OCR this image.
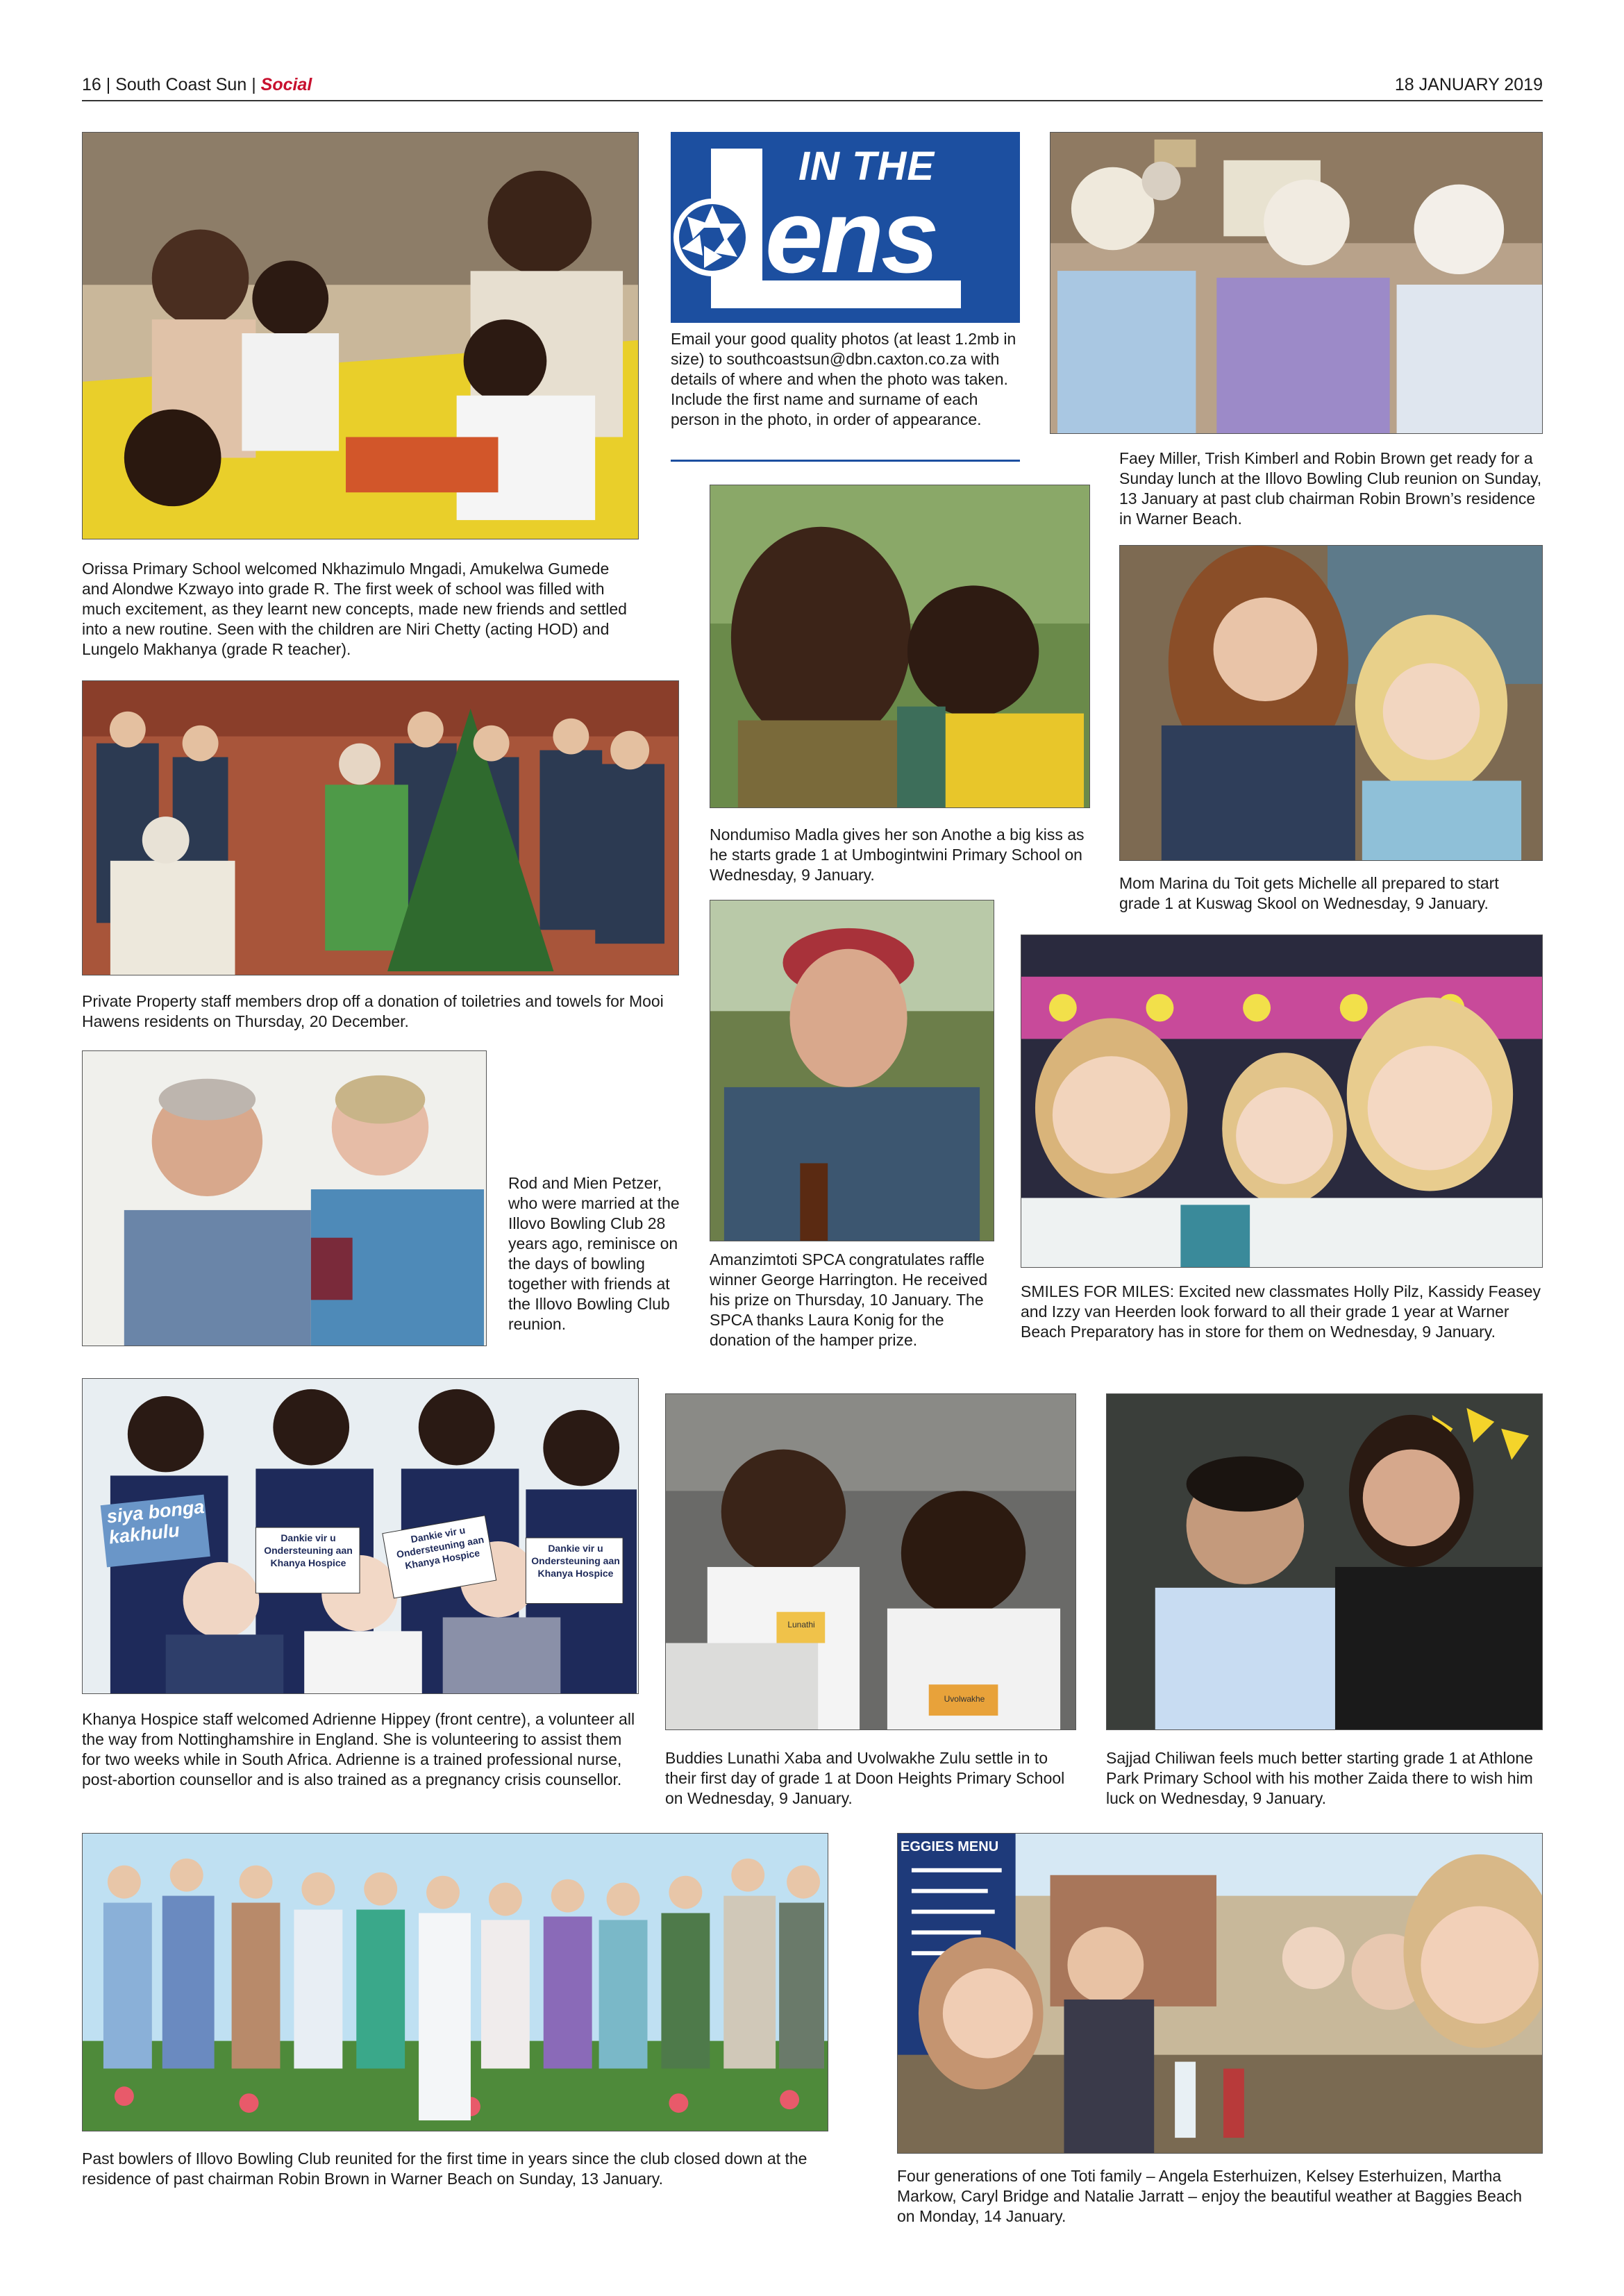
16 | South Coast Sun | Social	18 JANUARY 2019
Orissa Primary School welcomed Nkhazimulo Mngadi, Amukelwa Gumede and Alondwe Kzwayo into grade R. The first week of school was filled with much excitement, as they learnt new concepts, made new friends and settled into a new routine. Seen with the children are Niri Chetty (acting HOD) and Lungelo Makhanya (grade R teacher).
IN THE
ens
Email your good quality photos (at least 1.2mb in size) to southcoastsun@dbn.caxton.co.za with details of where and when the photo was taken. Include the first name and surname of each person in the photo, in order of appearance.
Faey Miller, Trish Kimberl and Robin Brown get ready for a Sunday lunch at the Illovo Bowling Club reunion on Sunday, 13 January at past club chairman Robin Brown’s residence in Warner Beach.
Nondumiso Madla gives her son Anothe a big kiss as he starts grade 1 at Umbogintwini Primary School on Wednesday, 9 January.	Mom Marina du Toit gets Michelle all prepared to start grade 1 at Kuswag Skool on Wednesday, 9 January.
Private Property staff members drop off a donation of toiletries and towels for Mooi Hawens residents on Thursday, 20 December.
Amanzimtoti SPCA congratulates raffle winner George Harrington. He received his prize on Thursday, 10 January. The SPCA thanks Laura Konig for the donation of the hamper prize.
SMILES FOR MILES: Excited new classmates Holly Pilz, Kassidy Feasey and Izzy van Heerden look forward to all their grade 1 year at Warner Beach Preparatory has in store for them on Wednesday, 9 January.
Rod and Mien Petzer, who were married at the Illovo Bowling Club 28 years ago, reminisce on the days of bowling together with friends at the Illovo Bowling Club reunion.
siya bonga kakhulu	Dankie vir u Ondersteuning aan Khanya Hospice
Dankie vir u Ondersteuning aan Khanya Hospice	Dankie vir u Ondersteuning aan Khanya Hospice
Khanya Hospice staff welcomed Adrienne Hippey (front centre), a volunteer all the way from Nottinghamshire in England. She is volunteering to assist them for two weeks while in South Africa. Adrienne is a trained professional nurse, post-abortion counsellor and is also trained as a pregnancy crisis counsellor.
Lunathi
Uvolwakhe
Buddies Lunathi Xaba and Uvolwakhe Zulu settle in to their first day of grade 1 at Doon Heights Primary School on Wednesday, 9 January.
Sajjad Chiliwan feels much better starting grade 1 at Athlone Park Primary School with his mother Zaida there to wish him luck on Wednesday, 9 January.
Past bowlers of Illovo Bowling Club reunited for the first time in years since the club closed down at the residence of past chairman Robin Brown in Warner Beach on Sunday, 13 January.
EGGIES MENU
Four generations of one Toti family – Angela Esterhuizen, Kelsey Esterhuizen, Martha Markow, Caryl Bridge and Natalie Jarratt – enjoy the beautiful weather at Baggies Beach on Monday, 14 January.
